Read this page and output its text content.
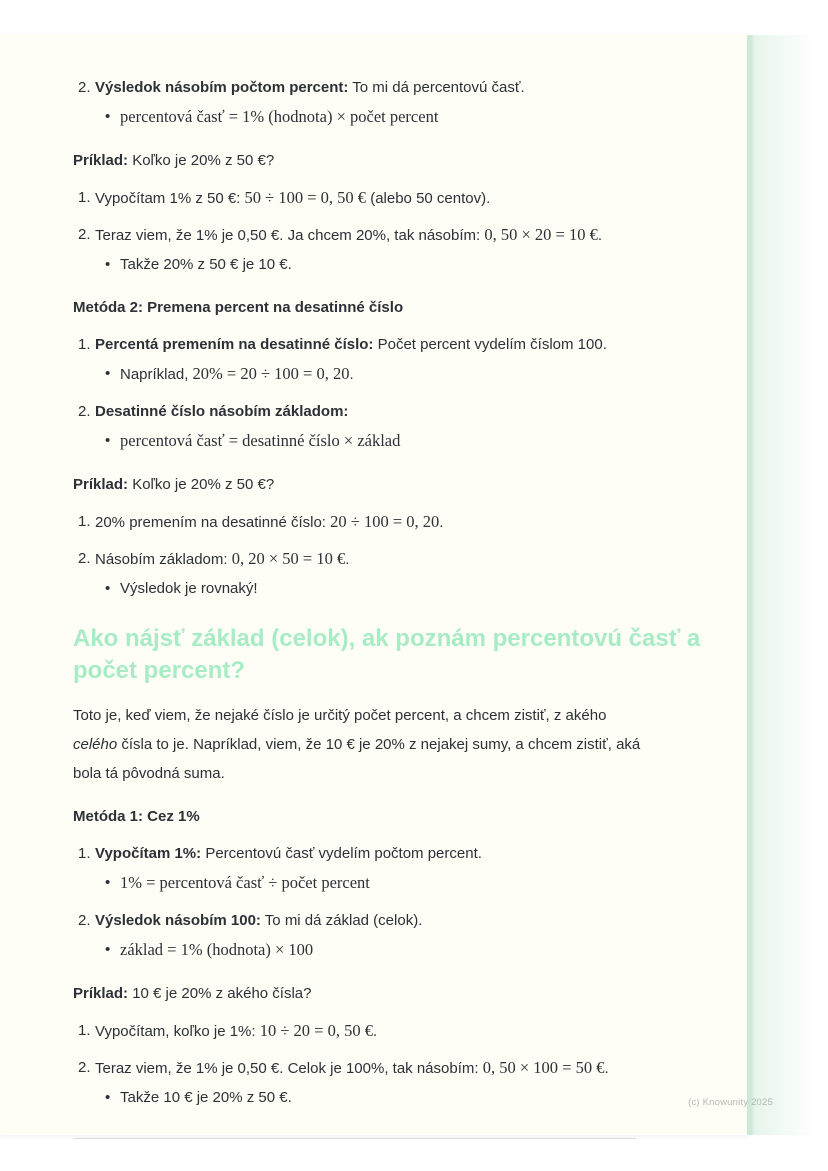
2. Výsledok násobím počtom percent: To mi dá percentovú časť.
• percentová časť = 1% (hodnota) × počet percent
Príklad: Koľko je 20% z 50 €?
1. Vypočítam 1% z 50 €: 50 ÷ 100 = 0, 50 € (alebo 50 centov).
2. Teraz viem, že 1% je 0,50 €. Ja chcem 20%, tak násobím: 0, 50 × 20 = 10 €.
• Takže 20% z 50 € je 10 €.
Metóda 2: Premena percent na desatinné číslo
1. Percentá premením na desatinné číslo: Počet percent vydelím číslom 100.
• Napríklad, 20% = 20 ÷ 100 = 0, 20.
2. Desatinné číslo násobím základom:
• percentová časť = desatinné číslo × základ
Príklad: Koľko je 20% z 50 €?
1. 20% premením na desatinné číslo: 20 ÷ 100 = 0, 20.
2. Násobím základom: 0, 20 × 50 = 10 €.
• Výsledok je rovnaký!
Ako nájsť základ (celok), ak poznám percentovú časť a počet percent?
Toto je, keď viem, že nejaké číslo je určitý počet percent, a chcem zistiť, z akého celého čísla to je. Napríklad, viem, že 10 € je 20% z nejakej sumy, a chcem zistiť, aká bola tá pôvodná suma.
Metóda 1: Cez 1%
1. Vypočítam 1%: Percentovú časť vydelím počtom percent.
• 1% = percentová časť ÷ počet percent
2. Výsledok násobím 100: To mi dá základ (celok).
• základ = 1% (hodnota) × 100
Príklad: 10 € je 20% z akého čísla?
1. Vypočítam, koľko je 1%: 10 ÷ 20 = 0, 50 €.
2. Teraz viem, že 1% je 0,50 €. Celok je 100%, tak násobím: 0, 50 × 100 = 50 €.
• Takže 10 € je 20% z 50 €.	(c) Knowunity 2025
